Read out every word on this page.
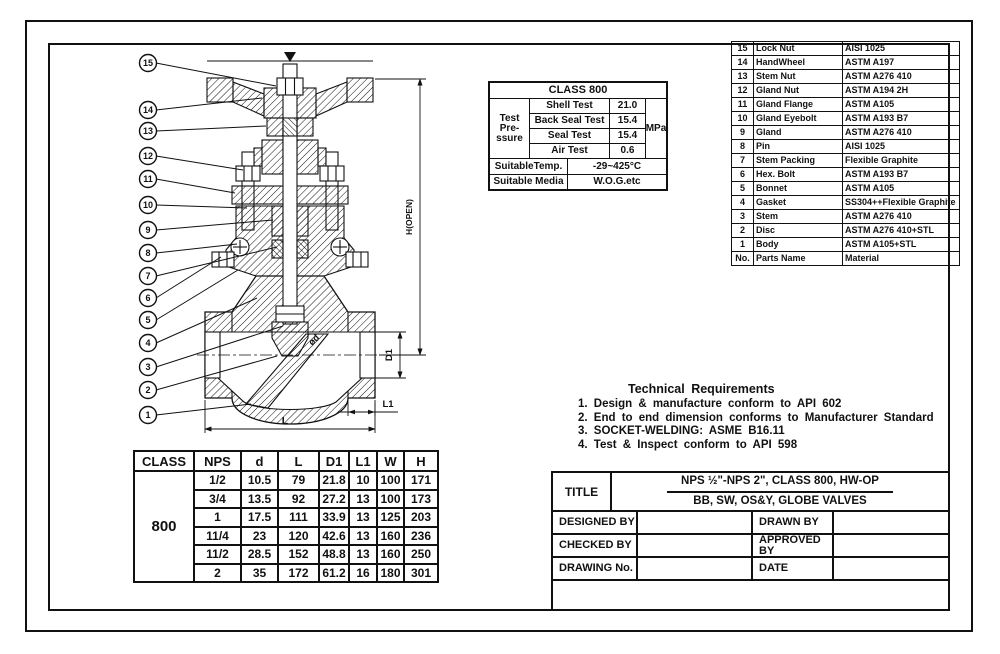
15
14
13
12
11
10
9
8
7
6
5
4
3
2
1
H(OPEN)
D1
L1
L
ød
CLASS 800
Test
Pre-
ssure
Shell Test	21.0
Back Seal Test	15.4
Seal Test	15.4
Air Test	0.6
MPa
SuitableTemp.	-29~425°C
Suitable Media	W.O.G.etc
15	Lock Nut	AISI 1025
14	HandWheel	ASTM A197
13	Stem Nut	ASTM A276 410
12	Gland Nut	ASTM A194 2H
11	Gland Flange	ASTM A105
10	Gland Eyebolt	ASTM A193 B7
9	Gland	ASTM A276 410
8	Pin	AISI 1025
7	Stem Packing	Flexible Graphite
6	Hex. Bolt	ASTM A193 B7
5	Bonnet	ASTM A105
4	Gasket	SS304++Flexible Graphite
3	Stem	ASTM A276 410
2	Disc	ASTM A276 410+STL
1	Body	ASTM A105+STL
No.	Parts Name	Material
Technical Requirements
1. Design & manufacture conform to API 602
2. End to end dimension conforms to Manufacturer Standard
3. SOCKET-WELDING: ASME B16.11
4. Test & Inspect conform to API 598
CLASS	NPS	d	L	D1	L1	W	H
800	1/2	10.5	79	21.8	10	100	171
	3/4	13.5	92	27.2	13	100	173
	1	17.5	111	33.9	13	125	203
	11/4	23	120	42.6	13	160	236
	11/2	28.5	152	48.8	13	160	250
	2	35	172	61.2	16	180	301
TITLE
NPS ½"-NPS 2", CLASS 800, HW-OP
BB, SW, OS&Y, GLOBE VALVES
DESIGNED BY	DRAWN BY
CHECKED BY	APPROVED BY
DRAWING No.	DATE
